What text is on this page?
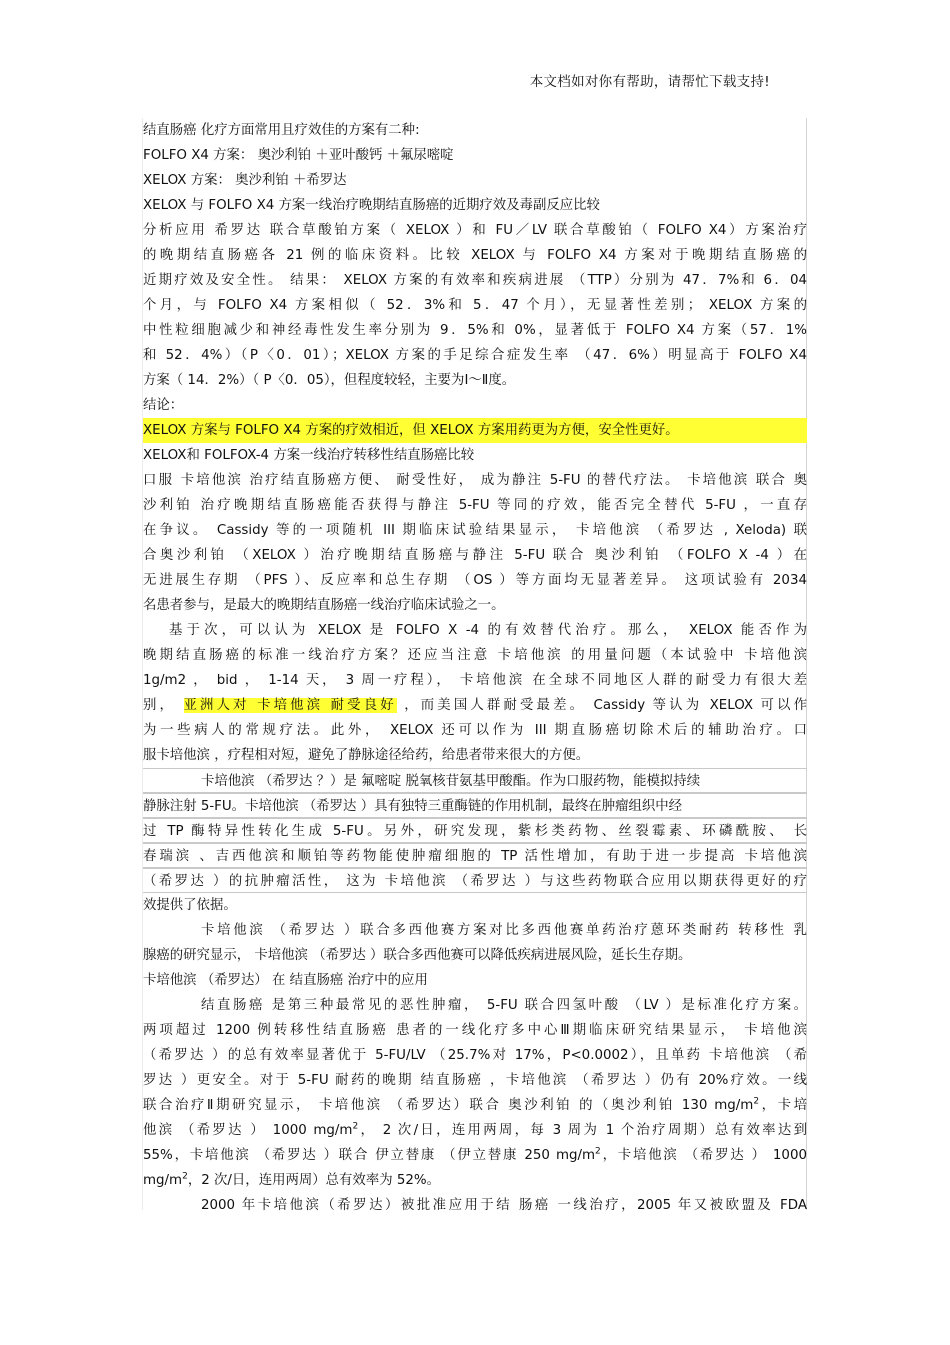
本文档如对你有帮助，请帮忙下载支持!
结直肠癌 化疗方面常用且疗效佳的方案有二种:
FOLFO X4 方案： 奥沙利铂 ＋亚叶酸钙 ＋氟尿嘧啶
XELOX 方案： 奥沙利铂 ＋希罗达
XELOX 与 FOLFO X4 方案一线治疗晚期结直肠癌的近期疗效及毒副反应比较
分析应用 希罗达 联合草酸铂方案（ XELOX ）和 FU／LV 联合草酸铂（ FOLFO X4）方案治疗
的晚期结直肠癌各 21 例的临床资料。比较 XELOX 与 FOLFO X4 方案对于晚期结直肠癌的
近期疗效及安全性。 结果： XELOX 方案的有效率和疾病进展 （TTP）分别为 47．7%和 6．04
个月，与 FOLFO X4 方案相似（ 52．3%和 5．47 个月），无显著性差别； XELOX 方案的
中性粒细胞减少和神经毒性发生率分别为 9．5%和 0%，显著低于 FOLFO X4 方案（57．1%
和 52．4%）（P〈0．01）；XELOX 方案的手足综合症发生率 （47．6%）明显高于 FOLFO X4
方案（ 14．2%）（ P〈0．05），但程度较轻，主要为Ⅰ～Ⅱ度。
结论：
XELOX 方案与 FOLFO X4 方案的疗效相近，但 XELOX 方案用药更为方便，安全性更好。
XELOX和 FOLFOX-4 方案一线治疗转移性结直肠癌比较
口服 卡培他滨 治疗结直肠癌方便、 耐受性好， 成为静注 5-FU 的替代疗法。 卡培他滨 联合 奥
沙利铂 治疗晚期结直肠癌能否获得与静注 5-FU 等同的疗效，能否完全替代 5-FU ，一直存
在争议。 Cassidy 等的一项随机 III 期临床试验结果显示， 卡培他滨 （希罗达 , Xeloda) 联
合奥沙利铂 （XELOX ）治疗晚期结直肠癌与静注 5-FU 联合 奥沙利铂 （FOLFO X -4 ）在
无进展生存期 （PFS ）、反应率和总生存期 （OS ）等方面均无显著差异。 这项试验有 2034
名患者参与，是最大的晚期结直肠癌一线治疗临床试验之一。
基于次，可以认为 XELOX 是 FOLFO X -4 的有效替代治疗。那么， XELOX 能否作为
晚期结直肠癌的标准一线治疗方案？还应当注意 卡培他滨 的用量问题（本试验中 卡培他滨
1g/m2 ， bid ， 1-14 天， 3 周一疗程）， 卡培他滨 在全球不同地区人群的耐受力有很大差
别， 亚洲人对 卡培他滨 耐受良好 ，而美国人群耐受最差。 Cassidy 等认为 XELOX 可以作
为一些病人的常规疗法。此外， XELOX 还可以作为 III 期直肠癌切除术后的辅助治疗。口
服卡培他滨 ，疗程相对短，避免了静脉途径给药，给患者带来很大的方便。
卡培他滨 （希罗达 ？）是 氟嘧啶 脱氧核苷氨基甲酸酯。作为口服药物，能模拟持续
静脉注射 5-FU。卡培他滨 （希罗达 ）具有独特三重酶链的作用机制，最终在肿瘤组织中经
过 TP 酶特异性转化生成 5-FU。另外，研究发现，紫杉类药物、丝裂霉素、环磷酰胺、 长
春瑞滨 、吉西他滨和顺铂等药物能使肿瘤细胞的 TP 活性增加，有助于进一步提高 卡培他滨
（希罗达 ）的抗肿瘤活性， 这为 卡培他滨 （希罗达 ）与这些药物联合应用以期获得更好的疗
效提供了依据。
卡培他滨 （希罗达 ）联合多西他赛方案对比多西他赛单药治疗蒽环类耐药 转移性 乳
腺癌的研究显示， 卡培他滨 （希罗达 ）联合多西他赛可以降低疾病进展风险，延长生存期。
卡培他滨 （希罗达） 在 结直肠癌 治疗中的应用
结直肠癌 是第三种最常见的恶性肿瘤， 5-FU 联合四氢叶酸 （LV ）是标准化疗方案。
两项超过 1200 例转移性结直肠癌 患者的一线化疗多中心Ⅲ期临床研究结果显示， 卡培他滨
（希罗达 ）的总有效率显著优于 5-FU/LV （25.7%对 17%，P<0.0002），且单药 卡培他滨 （希
罗达 ）更安全。对于 5-FU 耐药的晚期 结直肠癌 ，卡培他滨 （希罗达 ）仍有 20%疗效。一线
联合治疗Ⅱ期研究显示， 卡培他滨 （希罗达）联合 奥沙利铂 的（奥沙利铂 130 $mg/m^2$，卡培
他滨 （希罗达 ） 1000 $mg/m^2$， 2 次/日，连用两周，每 3 周为 1 个治疗周期）总有效率达到
55%，卡培他滨 （希罗达 ）联合 伊立替康 （伊立替康 250 $mg/m^2$，卡培他滨 （希罗达 ） 1000
$mg/m^2$，2 次/日，连用两周）总有效率为 52%。
2000 年卡培他滨（希罗达）被批准应用于结 肠癌 一线治疗，2005 年又被欧盟及 FDA
